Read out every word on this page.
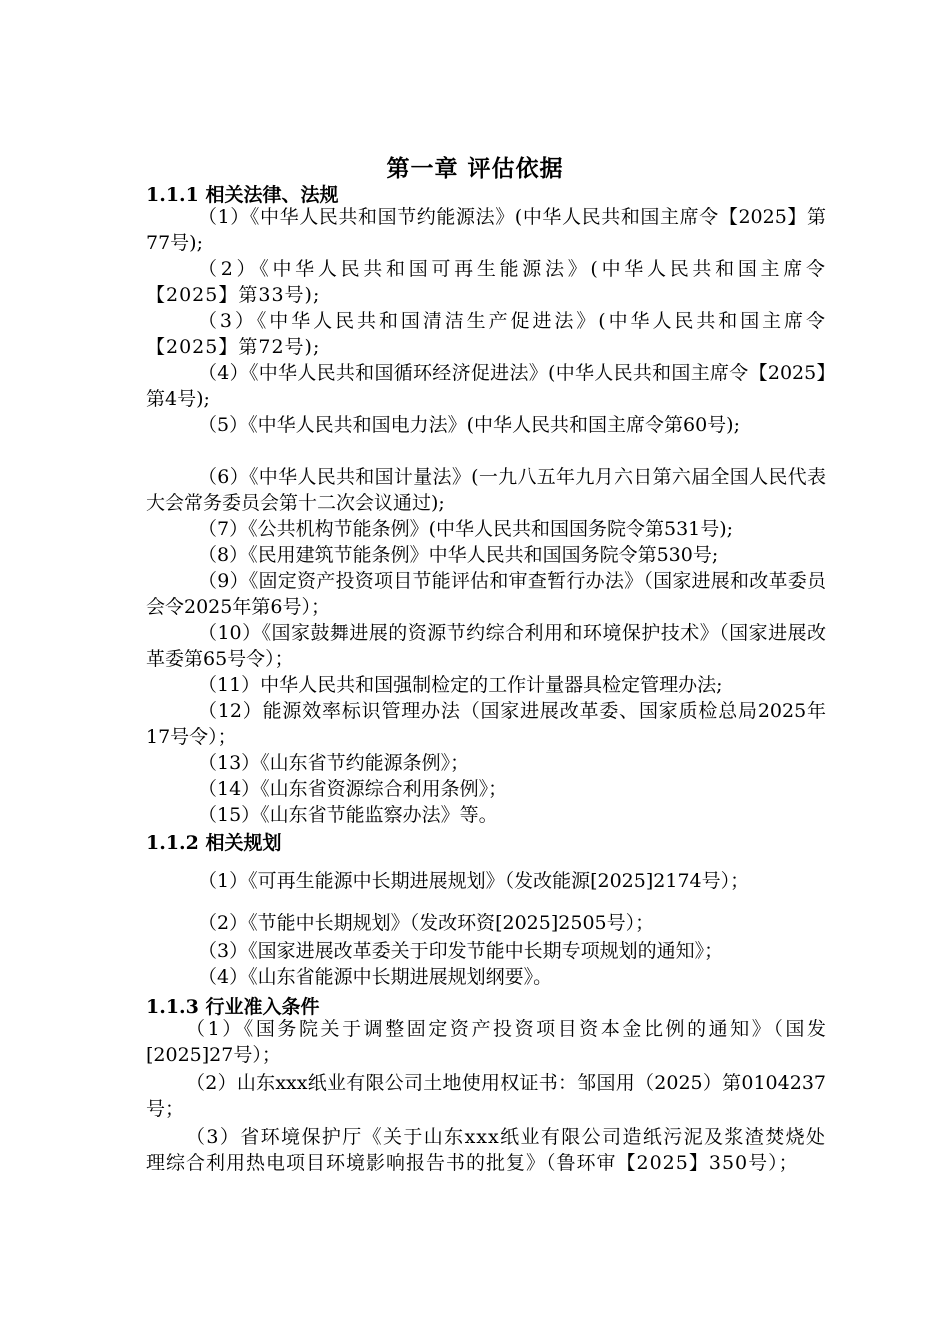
第一章 评估依据
1.1.1 相关法律、法规
（1）《中华人民共和国节约能源法》(中华人民共和国主席令【2025】第77号);
（2）《中华人民共和国可再生能源法》(中华人民共和国主席令【2025】第33号);
（3）《中华人民共和国清洁生产促进法》(中华人民共和国主席令【2025】第72号);
（4）《中华人民共和国循环经济促进法》(中华人民共和国主席令【2025】第4号);
（5）《中华人民共和国电力法》(中华人民共和国主席令第60号);
（6）《中华人民共和国计量法》(一九八五年九月六日第六届全国人民代表大会常务委员会第十二次会议通过);
（7）《公共机构节能条例》(中华人民共和国国务院令第531号);
（8）《民用建筑节能条例》中华人民共和国国务院令第530号;
（9）《固定资产投资项目节能评估和审查暂行办法》（国家进展和改革委员会令2025年第6号）；
（10）《国家鼓舞进展的资源节约综合利用和环境保护技术》（国家进展改革委第65号令）；
（11）中华人民共和国强制检定的工作计量器具检定管理办法;
（12）能源效率标识管理办法（国家进展改革委、国家质检总局2025年17号令）；
（13）《山东省节约能源条例》；
（14）《山东省资源综合利用条例》；
（15）《山东省节能监察办法》等。
1.1.2 相关规划
（1）《可再生能源中长期进展规划》（发改能源[2025]2174号）；
（2）《节能中长期规划》（发改环资[2025]2505号）；
（3）《国家进展改革委关于印发节能中长期专项规划的通知》；
（4）《山东省能源中长期进展规划纲要》。
1.1.3 行业准入条件
（1）《国务院关于调整固定资产投资项目资本金比例的通知》（国发[2025]27号）；
（2）山东xxx纸业有限公司土地使用权证书：邹国用（2025）第0104237号；
（3）省环境保护厅《关于山东xxx纸业有限公司造纸污泥及浆渣焚烧处理综合利用热电项目环境影响报告书的批复》（鲁环审【2025】350号）；
